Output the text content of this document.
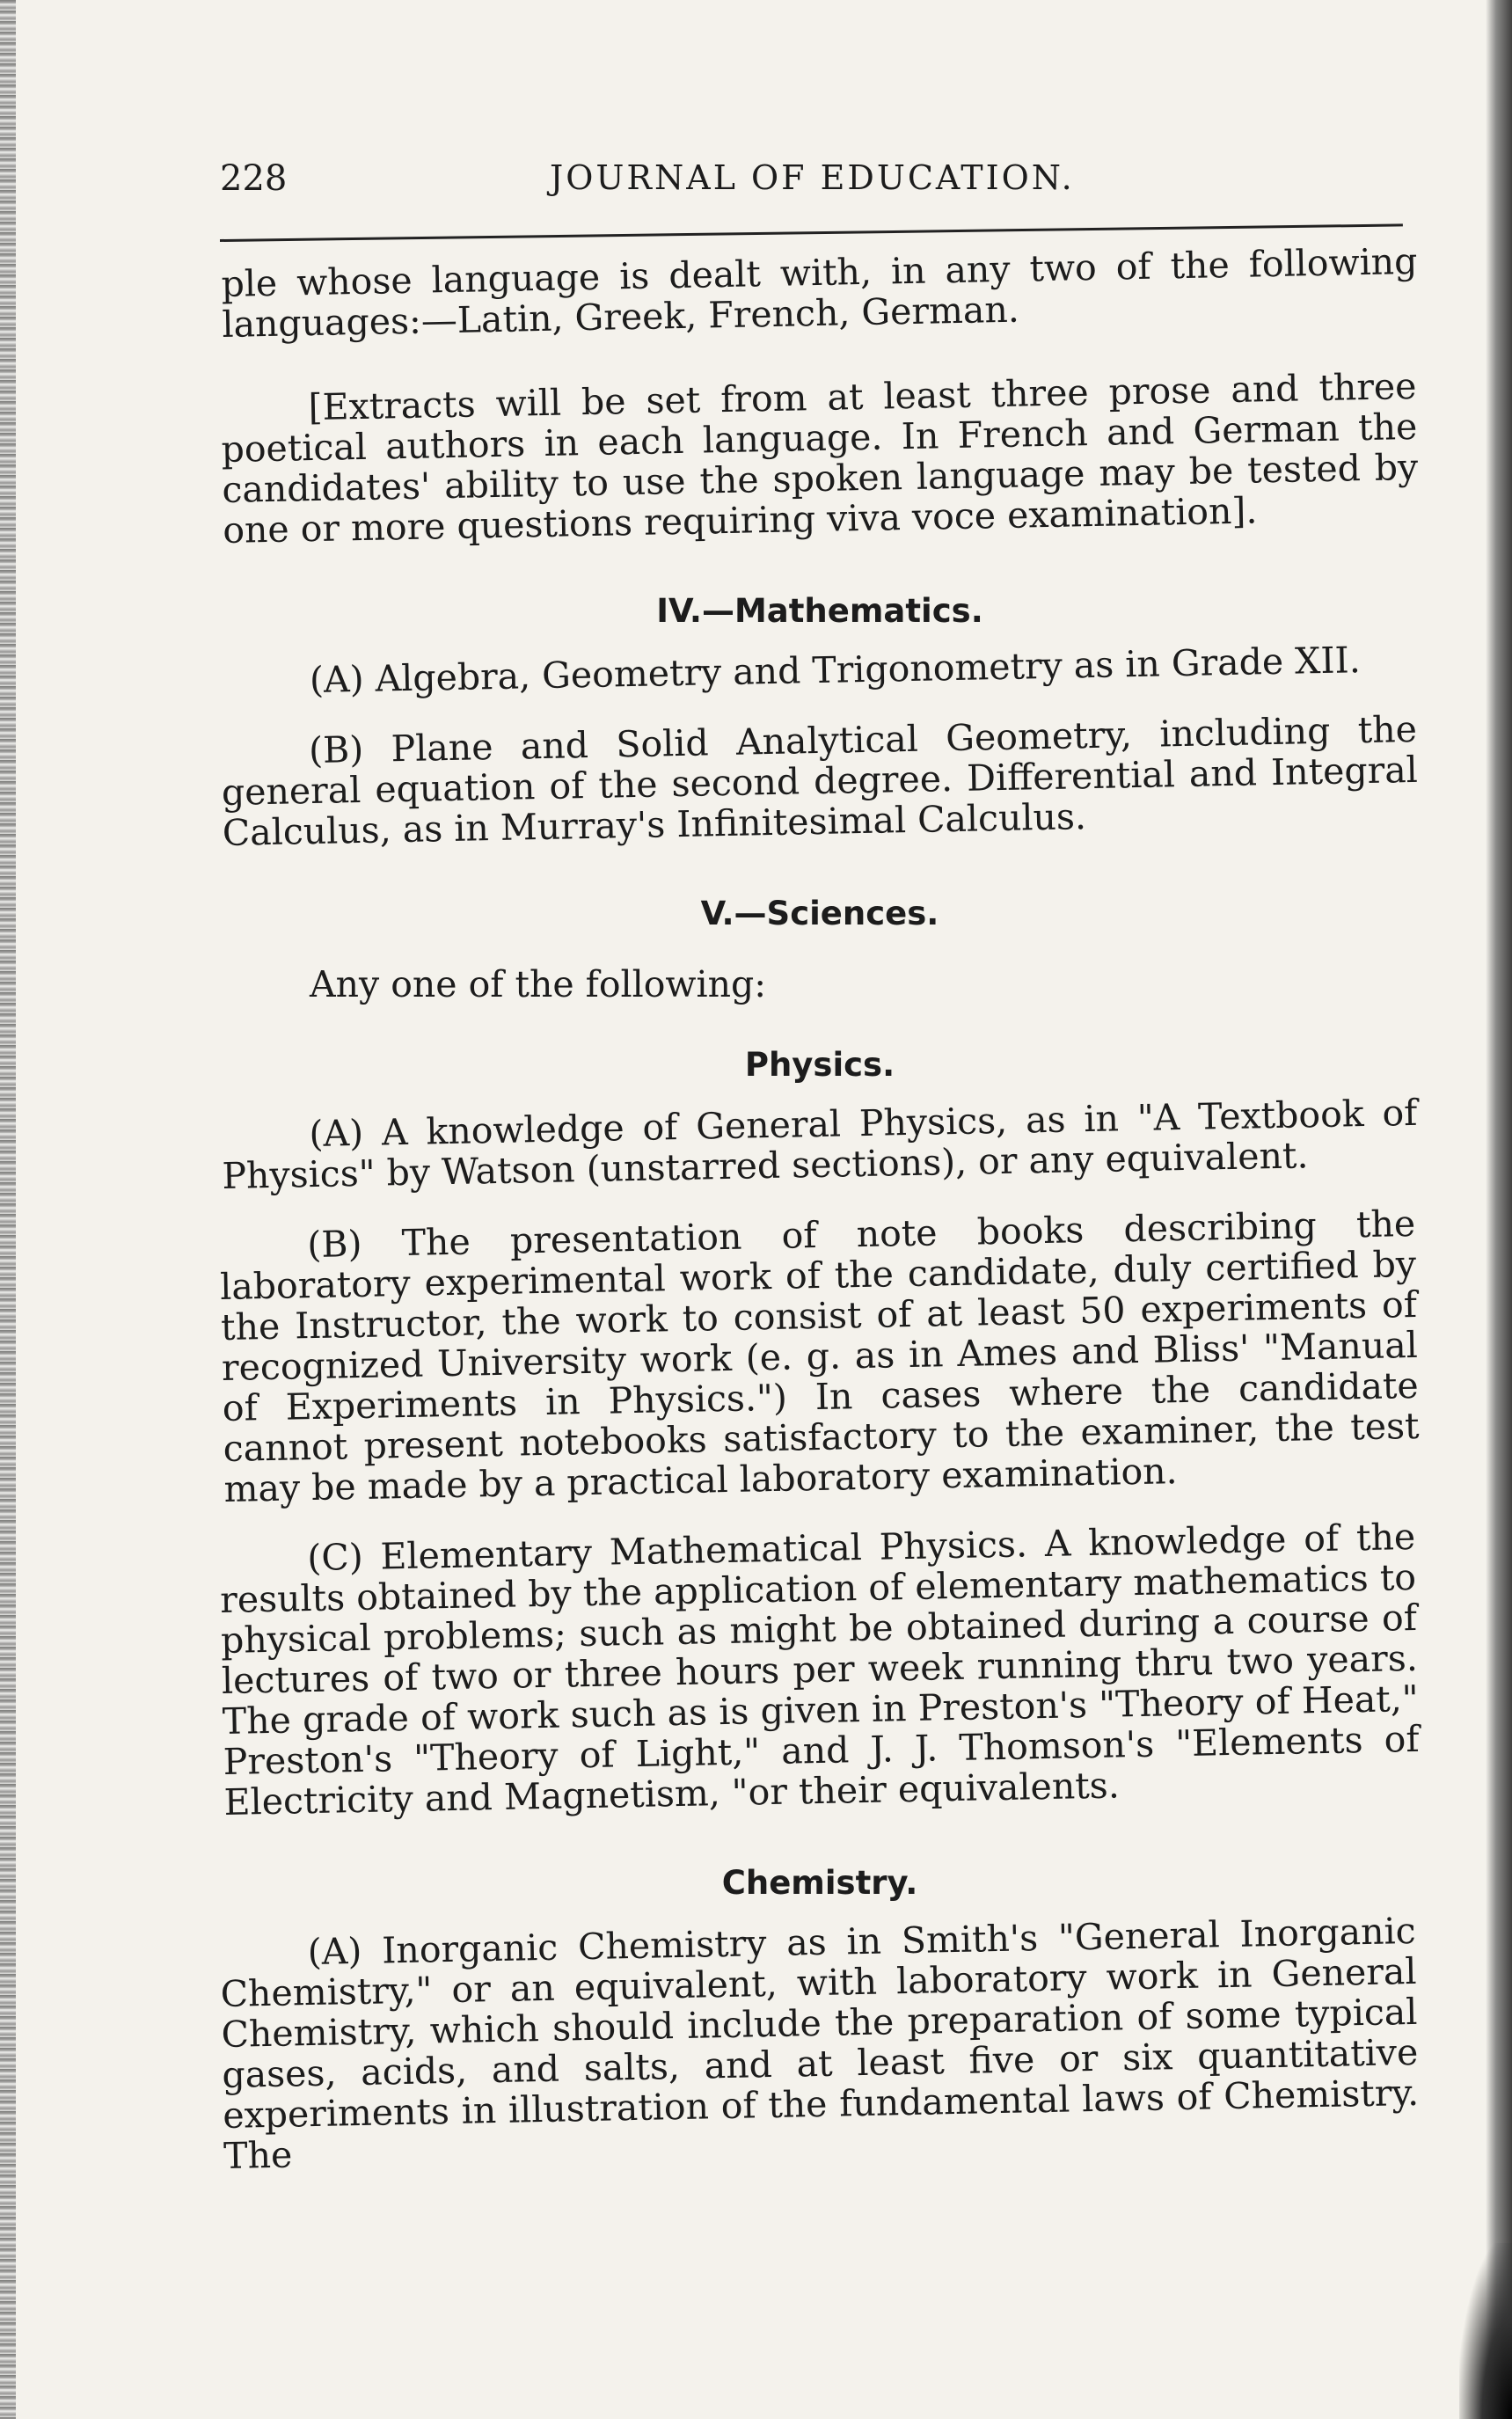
228	JOURNAL OF EDUCATION.

ple whose language is dealt with, in any two of the following languages:—Latin, Greek, French, German.

[Extracts will be set from at least three prose and three poetical authors in each language. In French and German the candidates' ability to use the spoken language may be tested by one or more questions requiring viva voce examination].

IV.—Mathematics.

(A) Algebra, Geometry and Trigonometry as in Grade XII.

(B) Plane and Solid Analytical Geometry, including the general equation of the second degree. Differential and Integral Calculus, as in Murray's Infinitesimal Calculus.

V.—Sciences.

Any one of the following:

Physics.

(A) A knowledge of General Physics, as in "A Textbook of Physics" by Watson (unstarred sections), or any equivalent.

(B) The presentation of note books describing the laboratory experimental work of the candidate, duly certified by the Instructor, the work to consist of at least 50 experiments of recognized University work (e. g. as in Ames and Bliss' "Manual of Experiments in Physics.") In cases where the candidate cannot present notebooks satisfactory to the examiner, the test may be made by a practical laboratory examination.

(C) Elementary Mathematical Physics. A knowledge of the results obtained by the application of elementary mathematics to physical problems; such as might be obtained during a course of lectures of two or three hours per week running thru two years. The grade of work such as is given in Preston's "Theory of Heat," Preston's "Theory of Light," and J. J. Thomson's "Elements of Electricity and Magnetism, "or their equivalents.

Chemistry.

(A) Inorganic Chemistry as in Smith's "General Inorganic Chemistry," or an equivalent, with laboratory work in General Chemistry, which should include the preparation of some typical gases, acids, and salts, and at least five or six quantitative experiments in illustration of the fundamental laws of Chemistry. The
